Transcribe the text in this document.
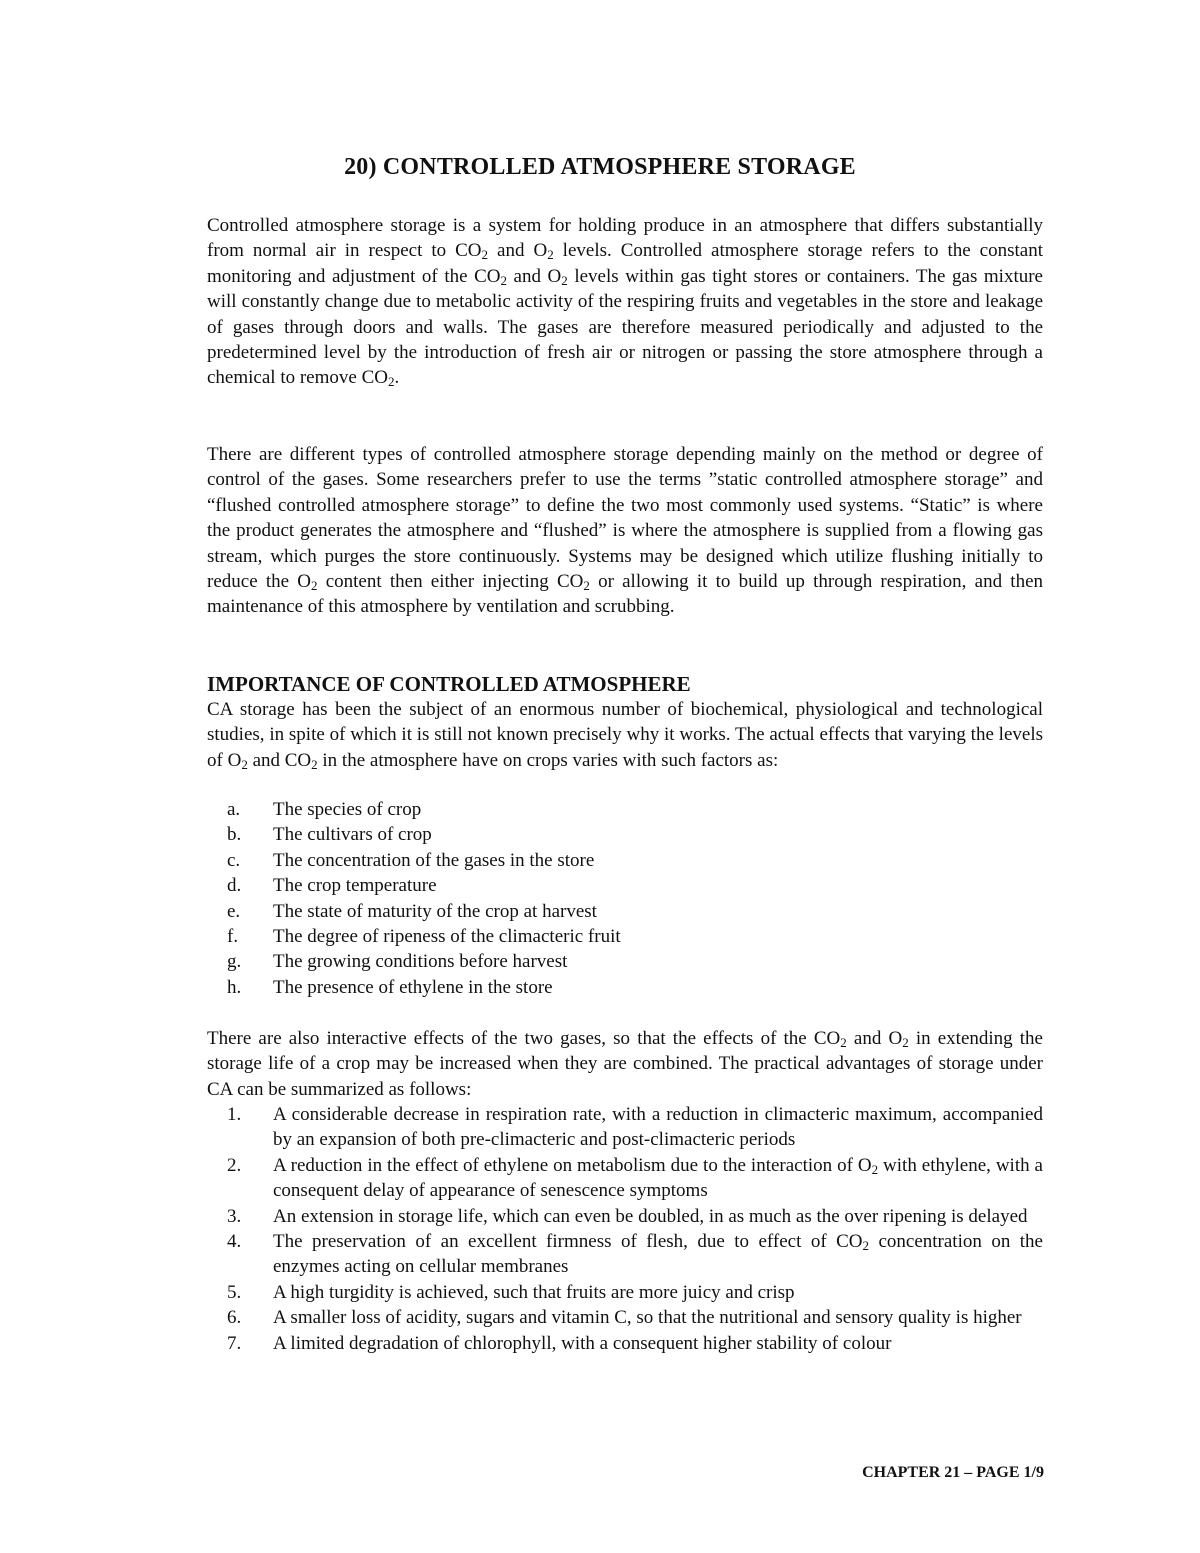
20) CONTROLLED ATMOSPHERE STORAGE

Controlled atmosphere storage is a system for holding produce in an atmosphere that differs substantially from normal air in respect to $CO_2$ and $O_2$ levels. Controlled atmosphere storage refers to the constant monitoring and adjustment of the $CO_2$ and $O_2$ levels within gas tight stores or containers. The gas mixture will constantly change due to metabolic activity of the respiring fruits and vegetables in the store and leakage of gases through doors and walls. The gases are therefore measured periodically and adjusted to the predetermined level by the introduction of fresh air or nitrogen or passing the store atmosphere through a chemical to remove $CO_2$.

There are different types of controlled atmosphere storage depending mainly on the method or degree of control of the gases. Some researchers prefer to use the terms ”static controlled atmosphere storage” and “flushed controlled atmosphere storage” to define the two most commonly used systems. “Static” is where the product generates the atmosphere and “flushed” is where the atmosphere is supplied from a flowing gas stream, which purges the store continuously. Systems may be designed which utilize flushing initially to reduce the $O_2$ content then either injecting $CO_2$ or allowing it to build up through respiration, and then maintenance of this atmosphere by ventilation and scrubbing.

IMPORTANCE OF CONTROLLED ATMOSPHERE

CA storage has been the subject of an enormous number of biochemical, physiological and technological studies, in spite of which it is still not known precisely why it works. The actual effects that varying the levels of $O_2$ and $CO_2$ in the atmosphere have on crops varies with such factors as:

a.	The species of crop
b.	The cultivars of crop
c.	The concentration of the gases in the store
d.	The crop temperature
e.	The state of maturity of the crop at harvest
f.	The degree of ripeness of the climacteric fruit
g.	The growing conditions before harvest
h.	The presence of ethylene in the store

There are also interactive effects of the two gases, so that the effects of the $CO_2$ and $O_2$ in extending the storage life of a crop may be increased when they are combined. The practical advantages of storage under CA can be summarized as follows:

1.	A considerable decrease in respiration rate, with a reduction in climacteric maximum, accompanied by an expansion of both pre-climacteric and post-climacteric periods
2.	A reduction in the effect of ethylene on metabolism due to the interaction of $O_2$ with ethylene, with a consequent delay of appearance of senescence symptoms
3.	An extension in storage life, which can even be doubled, in as much as the over ripening is delayed
4.	The preservation of an excellent firmness of flesh, due to effect of $CO_2$ concentration on the enzymes acting on cellular membranes
5.	A high turgidity is achieved, such that fruits are more juicy and crisp
6.	A smaller loss of acidity, sugars and vitamin C, so that the nutritional and sensory quality is higher
7.	A limited degradation of chlorophyll, with a consequent higher stability of colour
CHAPTER 21 – PAGE 1/9
